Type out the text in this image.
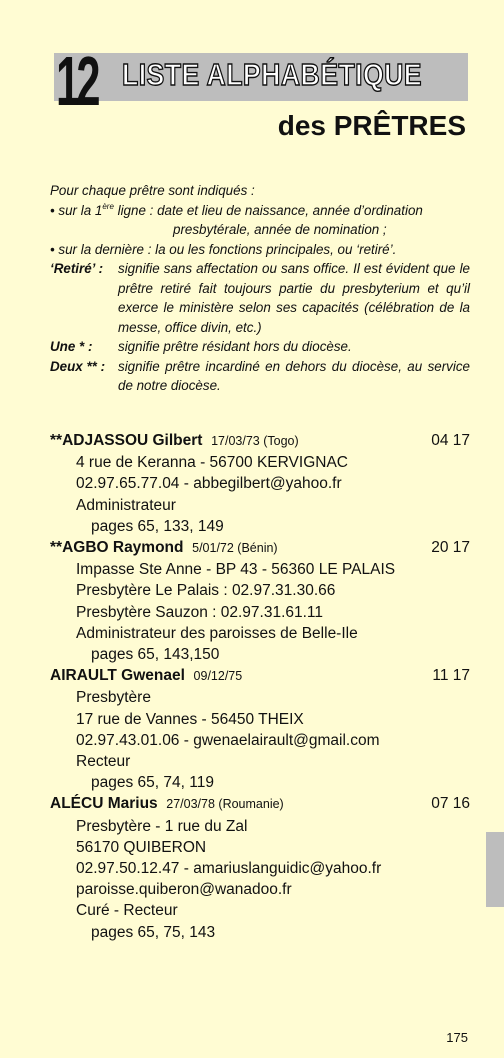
12 LISTE ALPHABÉTIQUE
des PRÊTRES

Pour chaque prêtre sont indiqués :

• sur la 1ère ligne : date et lieu de naissance, année d’ordination

presbytérale, année de nomination ;

• sur la dernière : la ou les fonctions principales, ou ‘retiré’.

‘Retiré’ :	signifie sans affectation ou sans office. Il est évident que le prêtre retiré fait toujours partie du presbyterium et qu’il exerce le ministère selon ses capacités (célébration de la messe, office divin, etc.)
Une * :	signifie prêtre résidant hors du diocèse.
Deux ** : signifie prêtre incardiné en dehors du diocèse, au service de notre diocèse.
**ADJASSOU Gilbert 17/03/73 (Togo)	04 17
4 rue de Keranna - 56700 KERVIGNAC
02.97.65.77.04 - abbegilbert@yahoo.fr
Administrateur
pages 65, 133, 149
**AGBO Raymond 5/01/72 (Bénin)	20 17
Impasse Ste Anne - BP 43 - 56360 LE PALAIS
Presbytère Le Palais : 02.97.31.30.66
Presbytère Sauzon : 02.97.31.61.11
Administrateur des paroisses de Belle-Ile
pages 65, 143,150
AIRAULT Gwenael 09/12/75	11 17
Presbytère
17 rue de Vannes - 56450 THEIX
02.97.43.01.06 - gwenaelairault@gmail.com
Recteur
pages 65, 74, 119
ALÉCU Marius 27/03/78 (Roumanie)	07 16
Presbytère - 1 rue du Zal
56170 QUIBERON
02.97.50.12.47 - amariuslanguidic@yahoo.fr
paroisse.quiberon@wanadoo.fr
Curé - Recteur
pages 65, 75, 143
175
